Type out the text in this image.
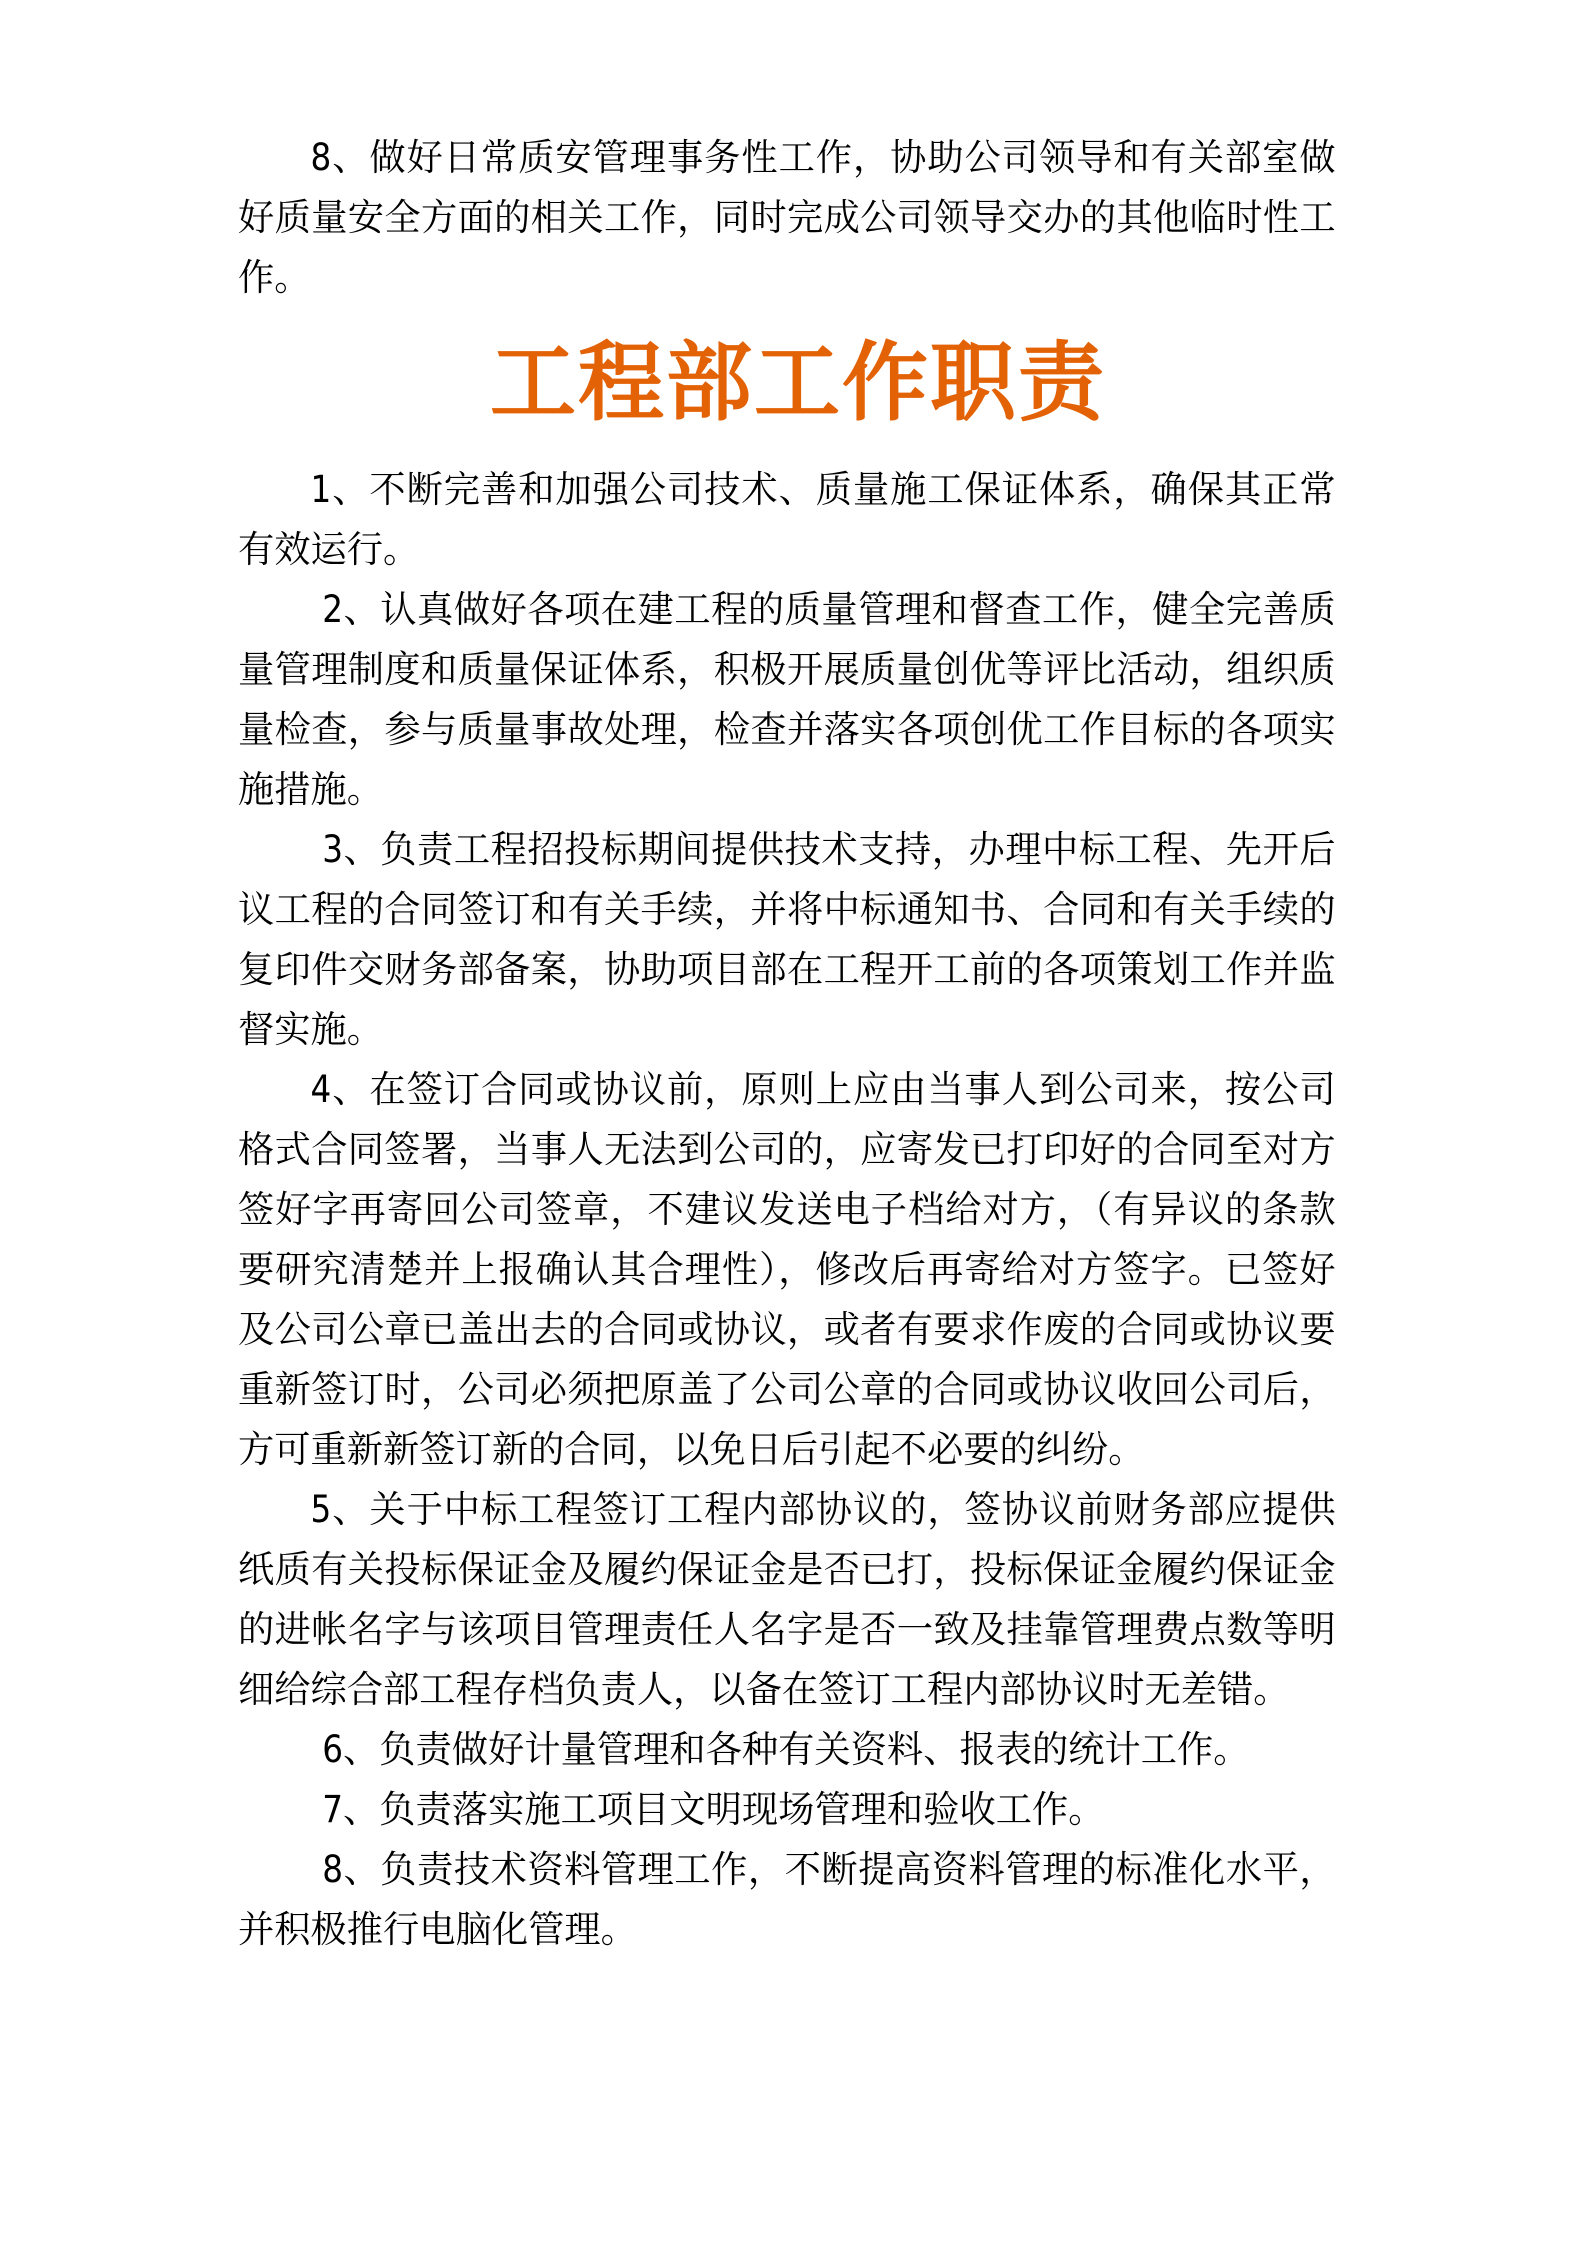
8、做好日常质安管理事务性工作，协助公司领导和有关部室做好质量安全方面的相关工作，同时完成公司领导交办的其他临时性工作。

工程部工作职责

1、不断完善和加强公司技术、质量施工保证体系，确保其正常有效运行。

2、认真做好各项在建工程的质量管理和督查工作，健全完善质量管理制度和质量保证体系，积极开展质量创优等评比活动，组织质量检查，参与质量事故处理，检查并落实各项创优工作目标的各项实施措施。

3、负责工程招投标期间提供技术支持，办理中标工程、先开后议工程的合同签订和有关手续，并将中标通知书、合同和有关手续的复印件交财务部备案，协助项目部在工程开工前的各项策划工作并监督实施。

4、在签订合同或协议前，原则上应由当事人到公司来，按公司格式合同签署，当事人无法到公司的，应寄发已打印好的合同至对方签好字再寄回公司签章，不建议发送电子档给对方，（有异议的条款要研究清楚并上报确认其合理性），修改后再寄给对方签字。已签好及公司公章已盖出去的合同或协议，或者有要求作废的合同或协议要重新签订时，公司必须把原盖了公司公章的合同或协议收回公司后，方可重新新签订新的合同，以免日后引起不必要的纠纷。

5、关于中标工程签订工程内部协议的，签协议前财务部应提供纸质有关投标保证金及履约保证金是否已打，投标保证金履约保证金的进帐名字与该项目管理责任人名字是否一致及挂靠管理费点数等明细给综合部工程存档负责人，以备在签订工程内部协议时无差错。

6、负责做好计量管理和各种有关资料、报表的统计工作。

7、负责落实施工项目文明现场管理和验收工作。

8、负责技术资料管理工作，不断提高资料管理的标准化水平，并积极推行电脑化管理。
